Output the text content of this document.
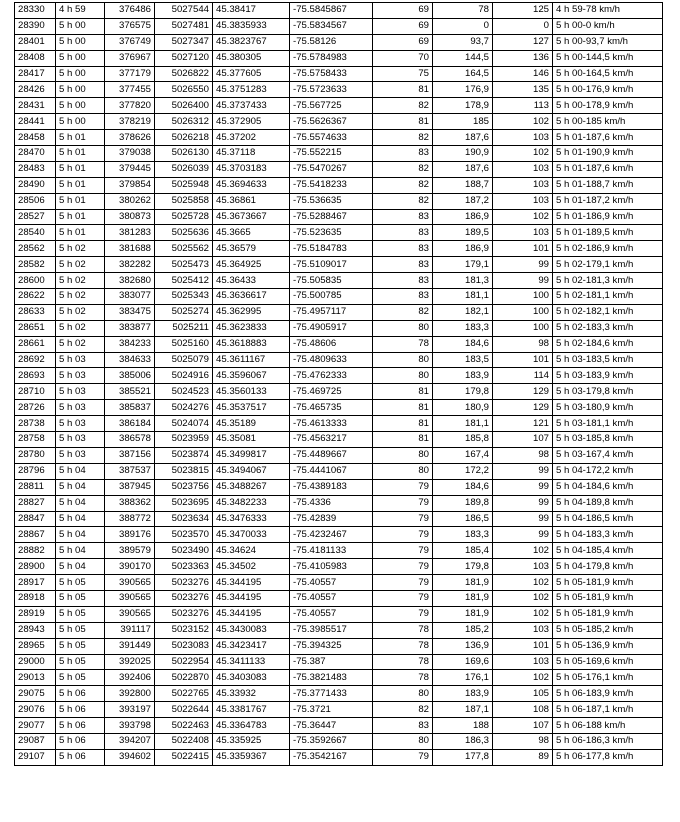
28330	4 h 59	376486	5027544	45.38417	-75.5845867	69	78	125	4 h 59-78 km/h
28390	5 h 00	376575	5027481	45.3835933	-75.5834567	69	0	0	5 h 00-0 km/h
28401	5 h 00	376749	5027347	45.3823767	-75.58126	69	93,7	127	5 h 00-93,7 km/h
28408	5 h 00	376967	5027120	45.380305	-75.5784983	70	144,5	136	5 h 00-144,5 km/h
28417	5 h 00	377179	5026822	45.377605	-75.5758433	75	164,5	146	5 h 00-164,5 km/h
28426	5 h 00	377455	5026550	45.3751283	-75.5723633	81	176,9	135	5 h 00-176,9 km/h
28431	5 h 00	377820	5026400	45.3737433	-75.567725	82	178,9	113	5 h 00-178,9 km/h
28441	5 h 00	378219	5026312	45.372905	-75.5626367	81	185	102	5 h 00-185 km/h
28458	5 h 01	378626	5026218	45.37202	-75.5574633	82	187,6	103	5 h 01-187,6 km/h
28470	5 h 01	379038	5026130	45.37118	-75.552215	83	190,9	102	5 h 01-190,9 km/h
28483	5 h 01	379445	5026039	45.3703183	-75.5470267	82	187,6	103	5 h 01-187,6 km/h
28490	5 h 01	379854	5025948	45.3694633	-75.5418233	82	188,7	103	5 h 01-188,7 km/h
28506	5 h 01	380262	5025858	45.36861	-75.536635	82	187,2	103	5 h 01-187,2 km/h
28527	5 h 01	380873	5025728	45.3673667	-75.5288467	83	186,9	102	5 h 01-186,9 km/h
28540	5 h 01	381283	5025636	45.3665	-75.523635	83	189,5	103	5 h 01-189,5 km/h
28562	5 h 02	381688	5025562	45.36579	-75.5184783	83	186,9	101	5 h 02-186,9 km/h
28582	5 h 02	382282	5025473	45.364925	-75.5109017	83	179,1	99	5 h 02-179,1 km/h
28600	5 h 02	382680	5025412	45.36433	-75.505835	83	181,3	99	5 h 02-181,3 km/h
28622	5 h 02	383077	5025343	45.3636617	-75.500785	83	181,1	100	5 h 02-181,1 km/h
28633	5 h 02	383475	5025274	45.362995	-75.4957117	82	182,1	100	5 h 02-182,1 km/h
28651	5 h 02	383877	5025211	45.3623833	-75.4905917	80	183,3	100	5 h 02-183,3 km/h
28661	5 h 02	384233	5025160	45.3618883	-75.48606	78	184,6	98	5 h 02-184,6 km/h
28692	5 h 03	384633	5025079	45.3611167	-75.4809633	80	183,5	101	5 h 03-183,5 km/h
28693	5 h 03	385006	5024916	45.3596067	-75.4762333	80	183,9	114	5 h 03-183,9 km/h
28710	5 h 03	385521	5024523	45.3560133	-75.469725	81	179,8	129	5 h 03-179,8 km/h
28726	5 h 03	385837	5024276	45.3537517	-75.465735	81	180,9	129	5 h 03-180,9 km/h
28738	5 h 03	386184	5024074	45.35189	-75.4613333	81	181,1	121	5 h 03-181,1 km/h
28758	5 h 03	386578	5023959	45.35081	-75.4563217	81	185,8	107	5 h 03-185,8 km/h
28780	5 h 03	387156	5023874	45.3499817	-75.4489667	80	167,4	98	5 h 03-167,4 km/h
28796	5 h 04	387537	5023815	45.3494067	-75.4441067	80	172,2	99	5 h 04-172,2 km/h
28811	5 h 04	387945	5023756	45.3488267	-75.4389183	79	184,6	99	5 h 04-184,6 km/h
28827	5 h 04	388362	5023695	45.3482233	-75.4336	79	189,8	99	5 h 04-189,8 km/h
28847	5 h 04	388772	5023634	45.3476333	-75.42839	79	186,5	99	5 h 04-186,5 km/h
28867	5 h 04	389176	5023570	45.3470033	-75.4232467	79	183,3	99	5 h 04-183,3 km/h
28882	5 h 04	389579	5023490	45.34624	-75.4181133	79	185,4	102	5 h 04-185,4 km/h
28900	5 h 04	390170	5023363	45.34502	-75.4105983	79	179,8	103	5 h 04-179,8 km/h
28917	5 h 05	390565	5023276	45.344195	-75.40557	79	181,9	102	5 h 05-181,9 km/h
28918	5 h 05	390565	5023276	45.344195	-75.40557	79	181,9	102	5 h 05-181,9 km/h
28919	5 h 05	390565	5023276	45.344195	-75.40557	79	181,9	102	5 h 05-181,9 km/h
28943	5 h 05	391117	5023152	45.3430083	-75.3985517	78	185,2	103	5 h 05-185,2 km/h
28965	5 h 05	391449	5023083	45.3423417	-75.394325	78	136,9	101	5 h 05-136,9 km/h
29000	5 h 05	392025	5022954	45.3411133	-75.387	78	169,6	103	5 h 05-169,6 km/h
29013	5 h 05	392406	5022870	45.3403083	-75.3821483	78	176,1	102	5 h 05-176,1 km/h
29075	5 h 06	392800	5022765	45.33932	-75.3771433	80	183,9	105	5 h 06-183,9 km/h
29076	5 h 06	393197	5022644	45.3381767	-75.3721	82	187,1	108	5 h 06-187,1 km/h
29077	5 h 06	393798	5022463	45.3364783	-75.36447	83	188	107	5 h 06-188 km/h
29087	5 h 06	394207	5022408	45.335925	-75.3592667	80	186,3	98	5 h 06-186,3 km/h
29107	5 h 06	394602	5022415	45.3359367	-75.3542167	79	177,8	89	5 h 06-177,8 km/h
